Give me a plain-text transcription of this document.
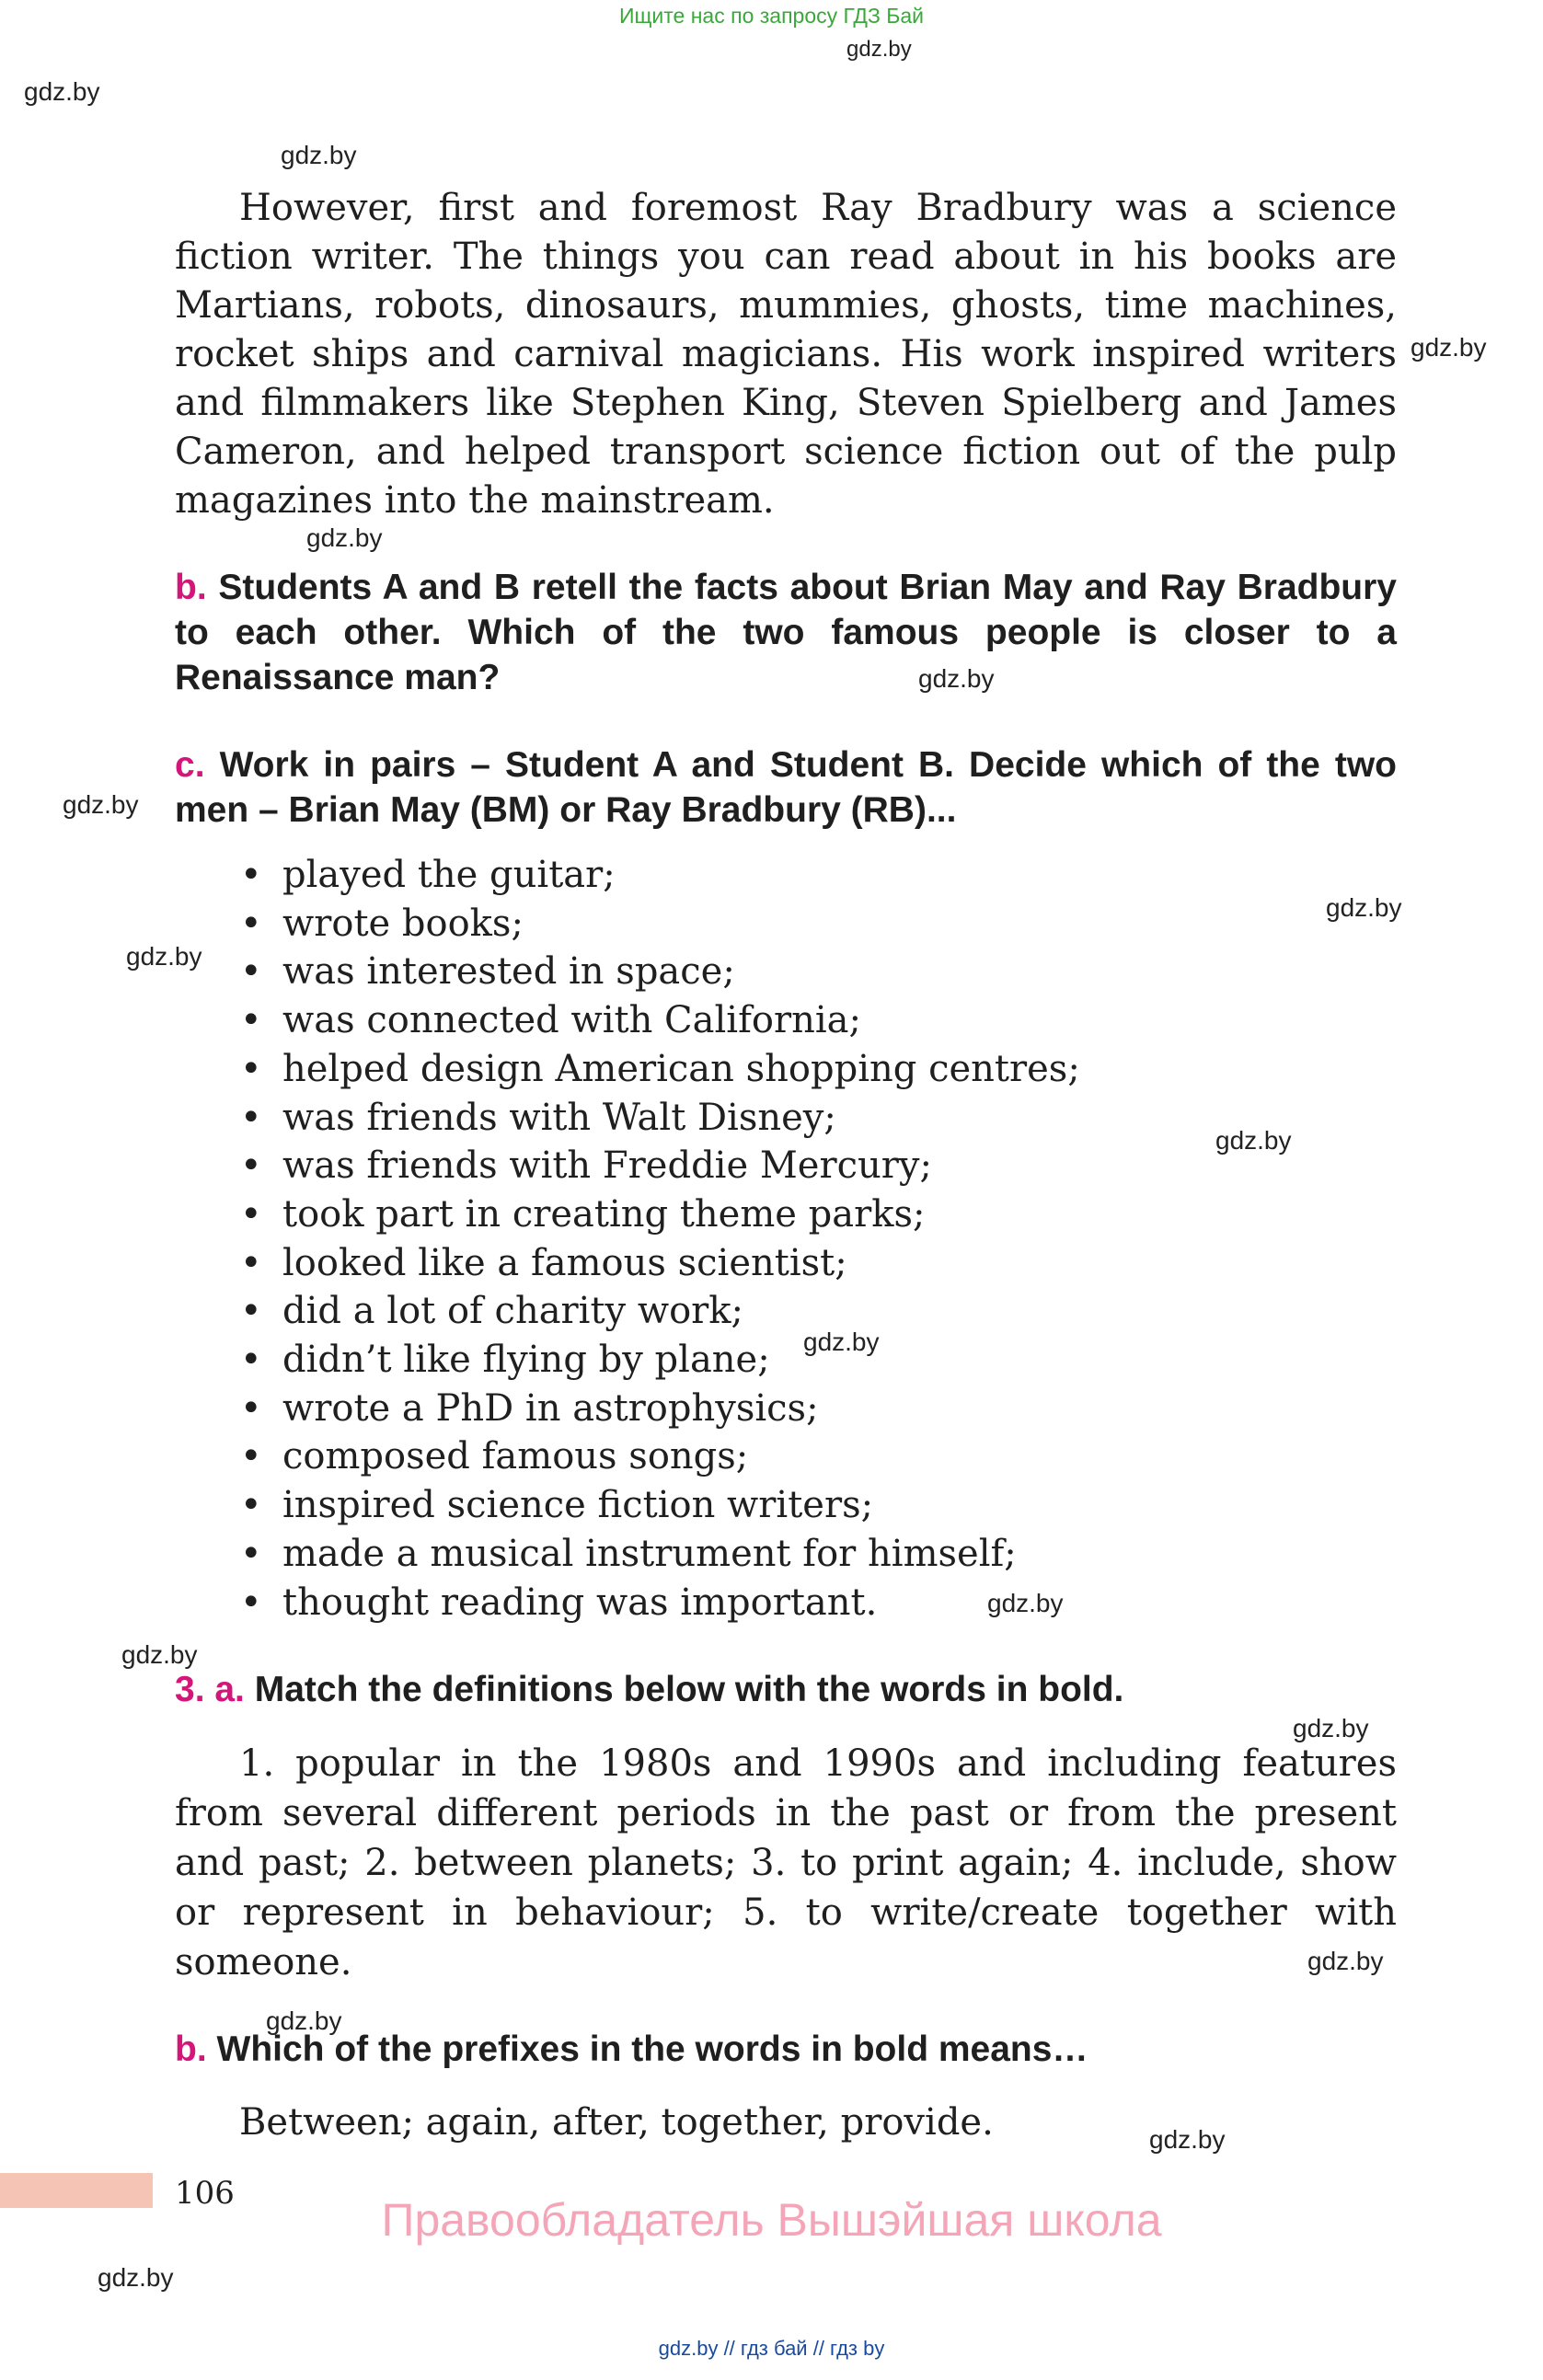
Ищите нас по запросу ГДЗ Бай
gdz.by
gdz.by
gdz.by
gdz.by
gdz.by
gdz.by
gdz.by
gdz.by
gdz.by
gdz.by
gdz.by
gdz.by
gdz.by
gdz.by
gdz.by
gdz.by
gdz.by
gdz.by
However, first and foremost Ray Bradbury was a science fiction writer. The things you can read about in his books are Martians, robots, dinosaurs, mummies, ghosts, time machines, rocket ships and carnival magicians. His work inspired writers and filmmakers like Stephen King, Steven Spielberg and James Cameron, and helped transport science fiction out of the pulp magazines into the mainstream.
b. Students A and B retell the facts about Brian May and Ray Bradbury to each other. Which of the two famous people is closer to a Renaissance man?
c. Work in pairs – Student A and Student B. Decide which of the two men – Brian May (BM) or Ray Bradbury (RB)...
• played the guitar;
• wrote books;
• was interested in space;
• was connected with California;
• helped design American shopping centres;
• was friends with Walt Disney;
• was friends with Freddie Mercury;
• took part in creating theme parks;
• looked like a famous scientist;
• did a lot of charity work;
• didn’t like flying by plane;
• wrote a PhD in astrophysics;
• composed famous songs;
• inspired science fiction writers;
• made a musical instrument for himself;
• thought reading was important.
3. a. Match the definitions below with the words in bold.
1. popular in the 1980s and 1990s and including features from several different periods in the past or from the present and past; 2. between planets; 3. to print again; 4. include, show or represent in behaviour; 5. to write/create together with someone.
b. Which of the prefixes in the words in bold means…
Between; again, after, together, provide.
106
Правообладатель Вышэйшая школа
gdz.by // гдз бай // гдз by
